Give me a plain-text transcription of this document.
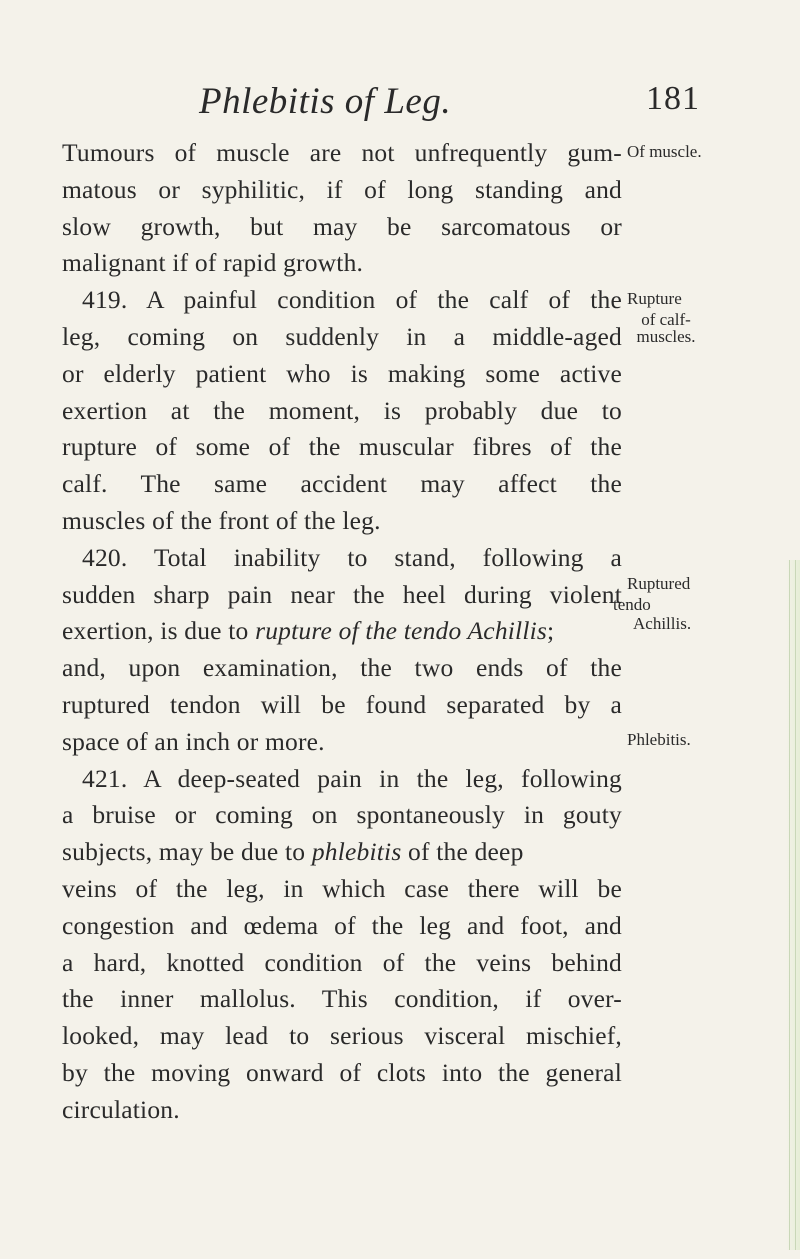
Phlebitis of Leg.	181
Tumours of muscle are not unfrequently gum-
matous or syphilitic, if of long standing and
slow growth, but may be sarcomatous or
malignant if of rapid growth.
419. A painful condition of the calf of the
leg, coming on suddenly in a middle-aged
or elderly patient who is making some active
exertion at the moment, is probably due to
rupture of some of the muscular fibres of the
calf. The same accident may affect the
muscles of the front of the leg.
420. Total inability to stand, following a
sudden sharp pain near the heel during violent
exertion, is due to rupture of the tendo Achillis;
and, upon examination, the two ends of the
ruptured tendon will be found separated by a
space of an inch or more.
421. A deep-seated pain in the leg, following
a bruise or coming on spontaneously in gouty
subjects, may be due to phlebitis of the deep
veins of the leg, in which case there will be
congestion and œdema of the leg and foot, and
a hard, knotted condition of the veins behind
the inner mallolus. This condition, if over-
looked, may lead to serious visceral mischief,
by the moving onward of clots into the general
circulation.
Of muscle.
Rupture
of calf-
muscles.
Ruptured
tendo
Achillis.
Phlebitis.
